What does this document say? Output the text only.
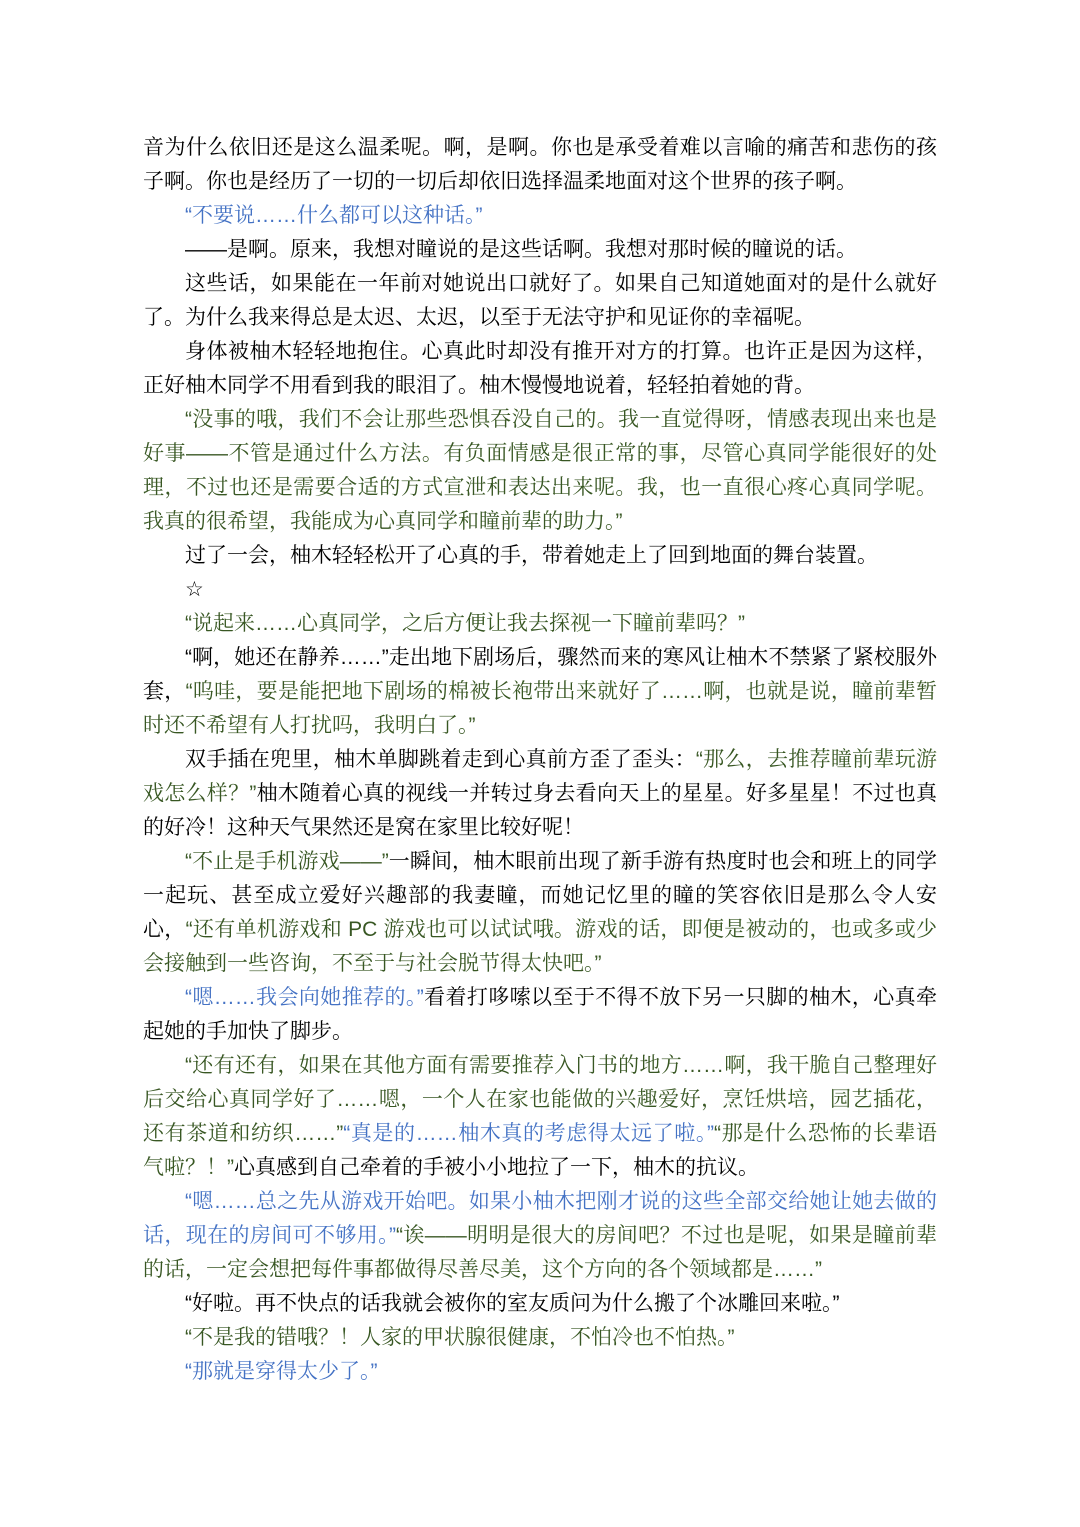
音为什么依旧还是这么温柔呢。啊，是啊。你也是承受着难以言喻的痛苦和悲伤的孩子啊。你也是经历了一切的一切后却依旧选择温柔地面对这个世界的孩子啊。

“不要说……什么都可以这种话。”

——是啊。原来，我想对瞳说的是这些话啊。我想对那时候的瞳说的话。

这些话，如果能在一年前对她说出口就好了。如果自己知道她面对的是什么就好了。为什么我来得总是太迟、太迟，以至于无法守护和见证你的幸福呢。

身体被柚木轻轻地抱住。心真此时却没有推开对方的打算。也许正是因为这样，正好柚木同学不用看到我的眼泪了。柚木慢慢地说着，轻轻拍着她的背。

“没事的哦，我们不会让那些恐惧吞没自己的。我一直觉得呀，情感表现出来也是好事——不管是通过什么方法。有负面情感是很正常的事，尽管心真同学能很好的处理，不过也还是需要合适的方式宣泄和表达出来呢。我，也一直很心疼心真同学呢。我真的很希望，我能成为心真同学和瞳前辈的助力。”

过了一会，柚木轻轻松开了心真的手，带着她走上了回到地面的舞台装置。

☆

“说起来……心真同学，之后方便让我去探视一下瞳前辈吗？”

“啊，她还在静养……”走出地下剧场后，骤然而来的寒风让柚木不禁紧了紧校服外套，“呜哇，要是能把地下剧场的棉被长袍带出来就好了……啊，也就是说，瞳前辈暂时还不希望有人打扰吗，我明白了。”

双手插在兜里，柚木单脚跳着走到心真前方歪了歪头：“那么，去推荐瞳前辈玩游戏怎么样？”柚木随着心真的视线一并转过身去看向天上的星星。好多星星！不过也真的好冷！这种天气果然还是窝在家里比较好呢！

“不止是手机游戏——”一瞬间，柚木眼前出现了新手游有热度时也会和班上的同学一起玩、甚至成立爱好兴趣部的我妻瞳，而她记忆里的瞳的笑容依旧是那么令人安心，“还有单机游戏和 PC 游戏也可以试试哦。游戏的话，即便是被动的，也或多或少会接触到一些咨询，不至于与社会脱节得太快吧。”

“嗯……我会向她推荐的。”看着打哆嗦以至于不得不放下另一只脚的柚木，心真牵起她的手加快了脚步。

“还有还有，如果在其他方面有需要推荐入门书的地方……啊，我干脆自己整理好后交给心真同学好了……嗯，一个人在家也能做的兴趣爱好，烹饪烘培，园艺插花，还有茶道和纺织……”“真是的……柚木真的考虑得太远了啦。”“那是什么恐怖的长辈语气啦？！”心真感到自己牵着的手被小小地拉了一下，柚木的抗议。

“嗯……总之先从游戏开始吧。如果小柚木把刚才说的这些全部交给她让她去做的话，现在的房间可不够用。”“诶——明明是很大的房间吧？不过也是呢，如果是瞳前辈的话，一定会想把每件事都做得尽善尽美，这个方向的各个领域都是……”

“好啦。再不快点的话我就会被你的室友质问为什么搬了个冰雕回来啦。”

“不是我的错哦？！人家的甲状腺很健康，不怕冷也不怕热。”

“那就是穿得太少了。”
